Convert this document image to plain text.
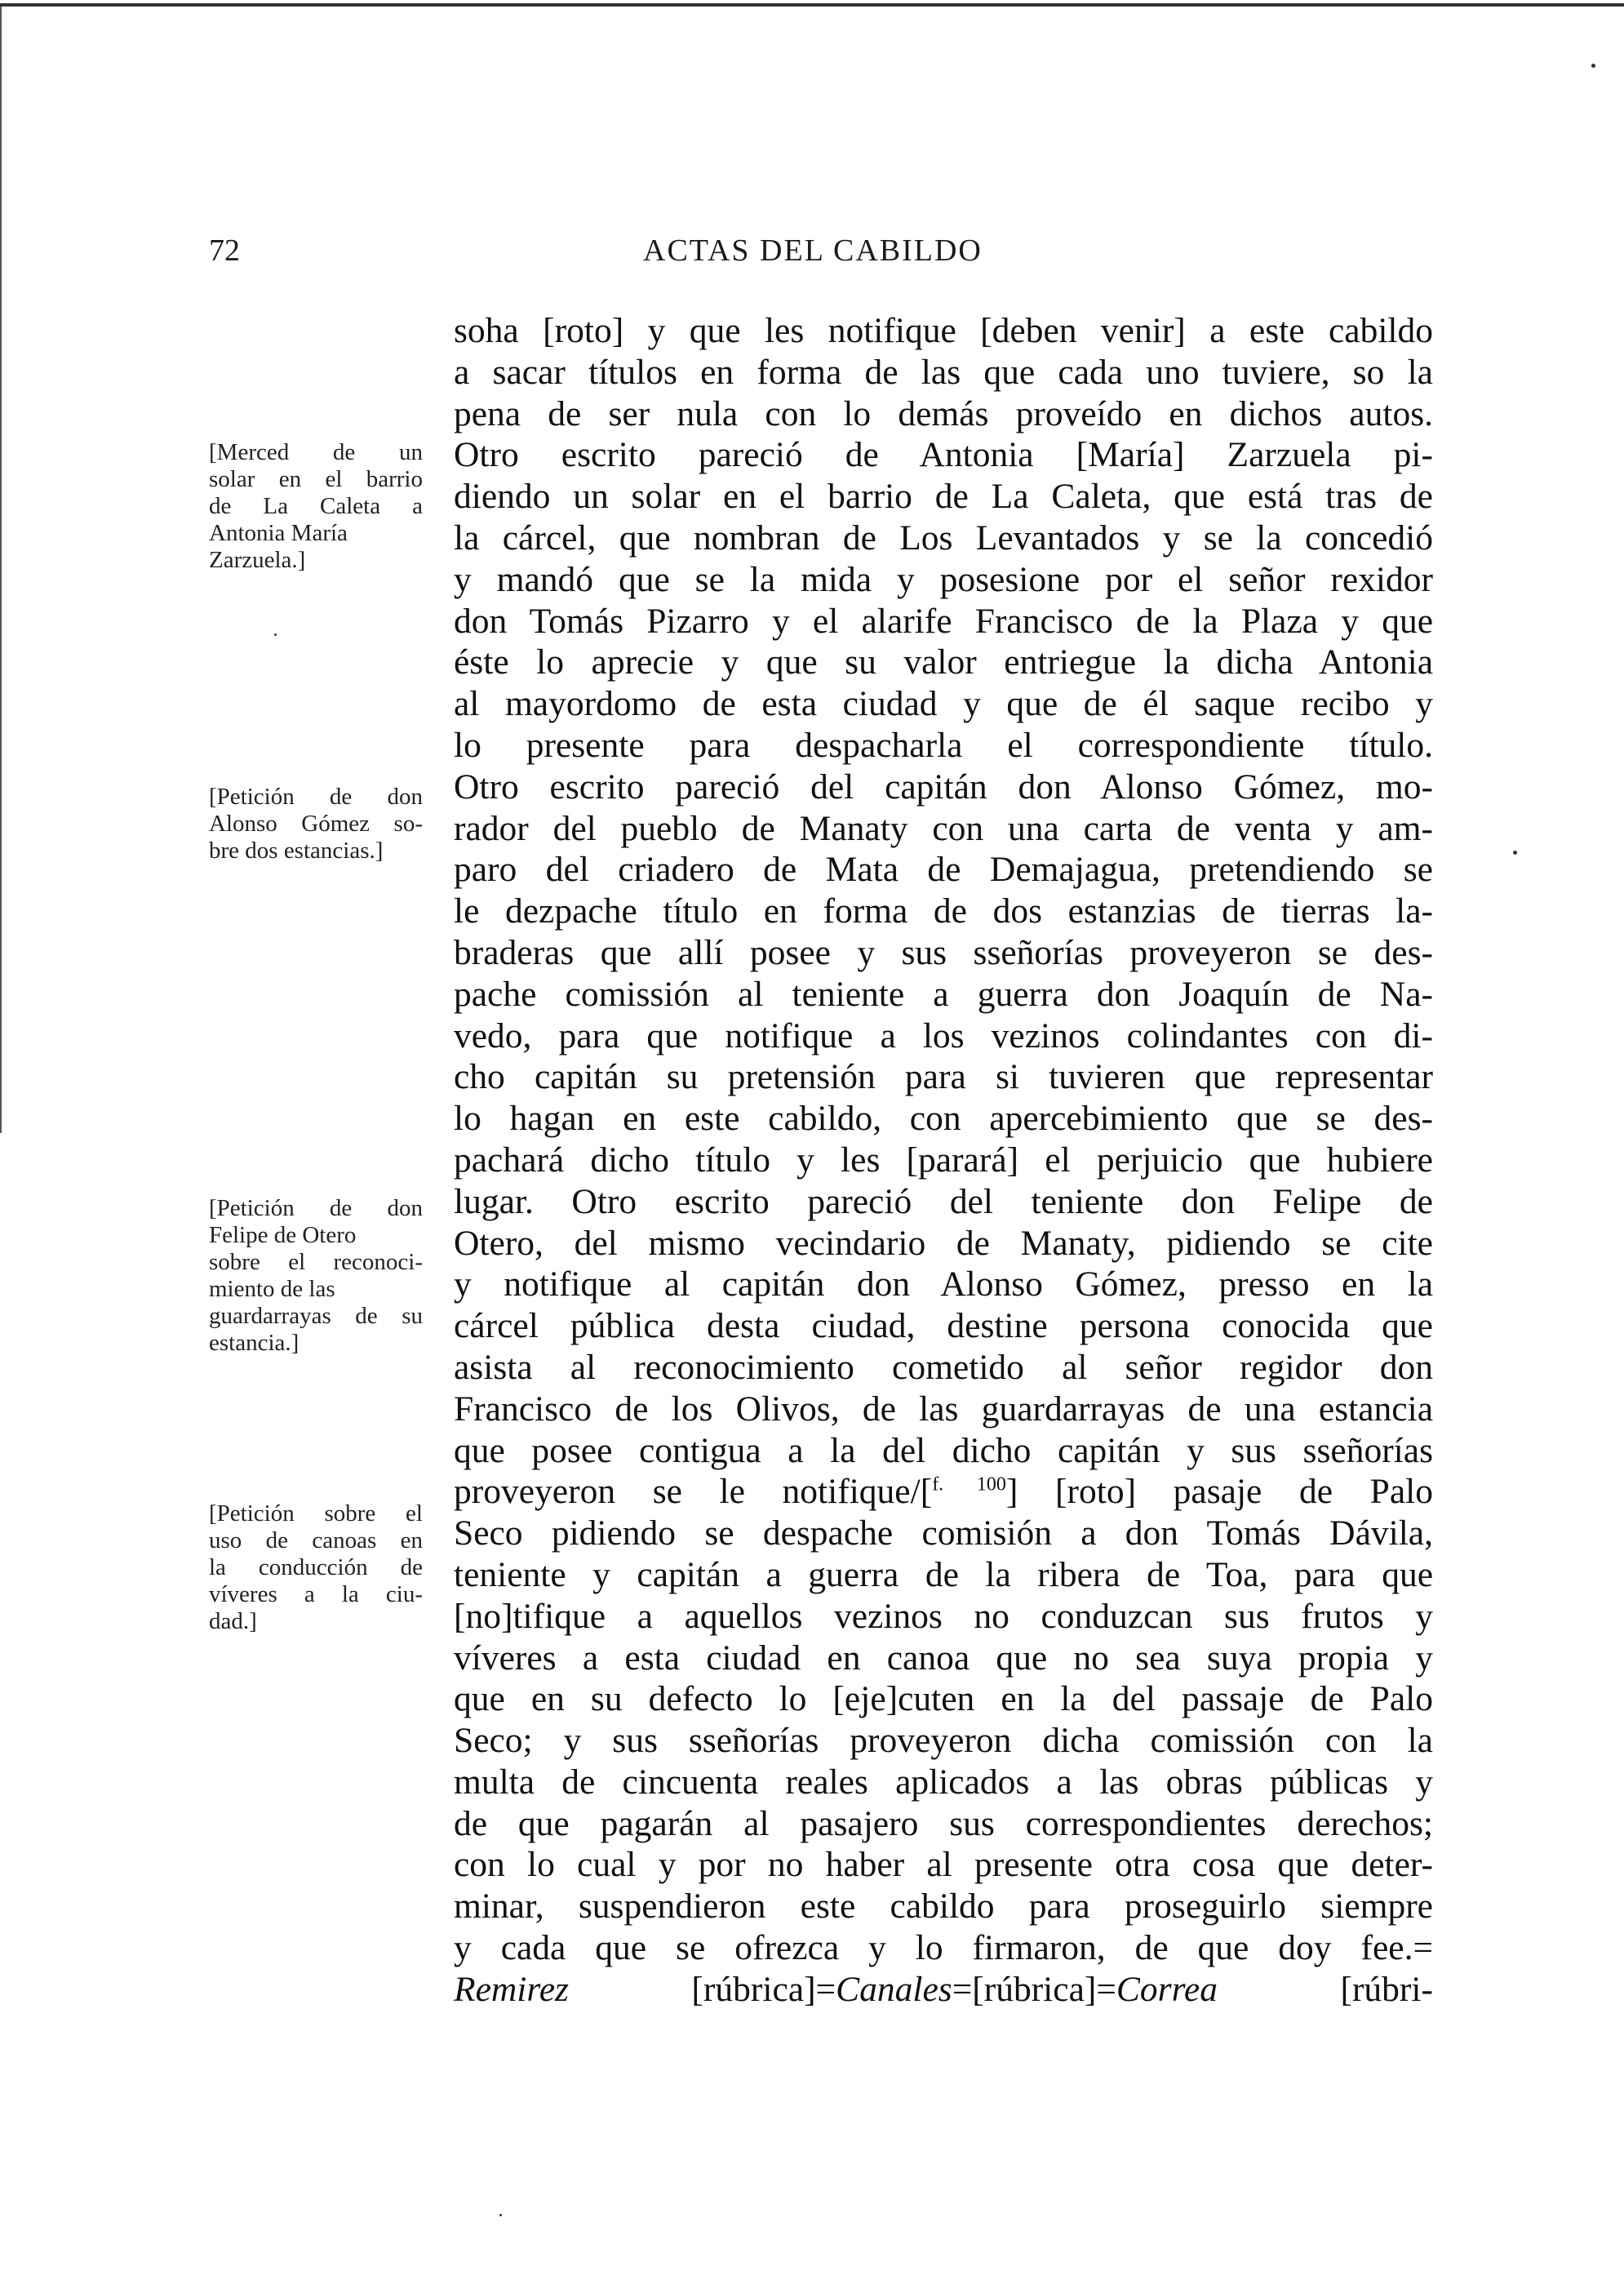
72	ACTAS DEL CABILDO
[Merced de un
solar en el barrio
de La Caleta a
Antonia María
Zarzuela.]
[Petición de don
Alonso Gómez so-
bre dos estancias.]
[Petición de don
Felipe de Otero
sobre el reconoci-
miento de las
guardarrayas de su
estancia.]
[Petición sobre el
uso de canoas en
la conducción de
víveres a la ciu-
dad.]
soha [roto] y que les notifique [deben venir] a este cabildo
a sacar títulos en forma de las que cada uno tuviere, so la
pena de ser nula con lo demás proveído en dichos autos.
Otro escrito pareció de Antonia [María] Zarzuela pi-
diendo un solar en el barrio de La Caleta, que está tras de
la cárcel, que nombran de Los Levantados y se la concedió
y mandó que se la mida y posesione por el señor rexidor
don Tomás Pizarro y el alarife Francisco de la Plaza y que
éste lo aprecie y que su valor entriegue la dicha Antonia
al mayordomo de esta ciudad y que de él saque recibo y
lo presente para despacharla el correspondiente título.
Otro escrito pareció del capitán don Alonso Gómez, mo-
rador del pueblo de Manaty con una carta de venta y am-
paro del criadero de Mata de Demajagua, pretendiendo se
le dezpache título en forma de dos estanzias de tierras la-
braderas que allí posee y sus sseñorías proveyeron se des-
pache comissión al teniente a guerra don Joaquín de Na-
vedo, para que notifique a los vezinos colindantes con di-
cho capitán su pretensión para si tuvieren que representar
lo hagan en este cabildo, con apercebimiento que se des-
pachará dicho título y les [parará] el perjuicio que hubiere
lugar. Otro escrito pareció del teniente don Felipe de
Otero, del mismo vecindario de Manaty, pidiendo se cite
y notifique al capitán don Alonso Gómez, presso en la
cárcel pública desta ciudad, destine persona conocida que
asista al reconocimiento cometido al señor regidor don
Francisco de los Olivos, de las guardarrayas de una estancia
que posee contigua a la del dicho capitán y sus sseñorías
proveyeron se le notifique/[$^{f. 100}$] [roto] pasaje de Palo
Seco pidiendo se despache comisión a don Tomás Dávila,
teniente y capitán a guerra de la ribera de Toa, para que
[no]tifique a aquellos vezinos no conduzcan sus frutos y
víveres a esta ciudad en canoa que no sea suya propia y
que en su defecto lo [eje]cuten en la del passaje de Palo
Seco; y sus sseñorías proveyeron dicha comissión con la
multa de cincuenta reales aplicados a las obras públicas y
de que pagarán al pasajero sus correspondientes derechos;
con lo cual y por no haber al presente otra cosa que deter-
minar, suspendieron este cabildo para proseguirlo siempre
y cada que se ofrezca y lo firmaron, de que doy fee.=
Remirez [rúbrica]=Canales=[rúbrica]=Correa [rúbri-
